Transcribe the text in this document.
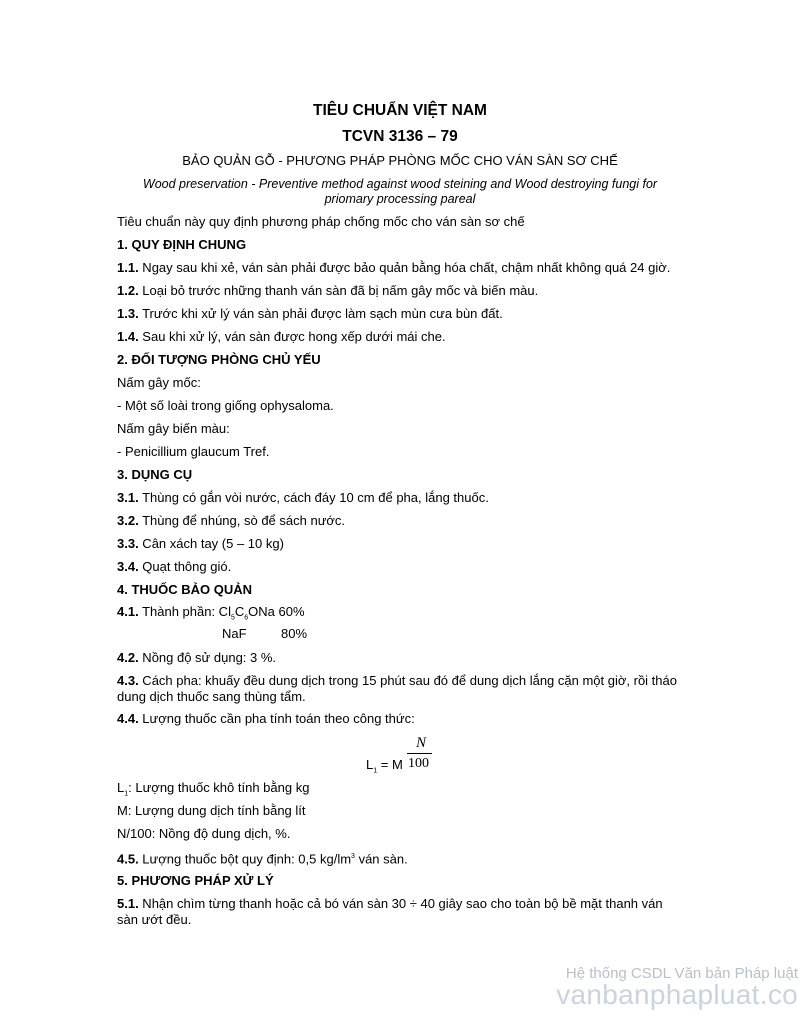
TIÊU CHUẨN VIỆT NAM
TCVN 3136 – 79
BẢO QUẢN GỖ - PHƯƠNG PHÁP PHÒNG MỐC CHO VÁN SÀN SƠ CHẾ
Wood preservation - Preventive method against wood steining and Wood destroying fungi for priomary processing pareal
Tiêu chuẩn này quy định phương pháp chống mốc cho ván sàn sơ chế
1. QUY ĐỊNH CHUNG
1.1. Ngay sau khi xẻ, ván sàn phải được bảo quản bằng hóa chất, chậm nhất không quá 24 giờ.
1.2. Loại bỏ trước những thanh ván sàn đã bị nấm gây mốc và biến màu.
1.3. Trước khi xử lý ván sàn phải được làm sạch mùn cưa bùn đất.
1.4. Sau khi xử lý, ván sàn được hong xếp dưới mái che.
2. ĐỐI TƯỢNG PHÒNG CHỦ YẾU
Nấm gây mốc:
- Một số loài trong giống ophysaloma.
Nấm gây biến màu:
- Penicillium glaucum Tref.
3. DỤNG CỤ
3.1. Thùng có gắn vòi nước, cách đáy 10 cm để pha, lắng thuốc.
3.2. Thùng để nhúng, sò để sách nước.
3.3. Cân xách tay (5 – 10 kg)
3.4. Quạt thông gió.
4. THUỐC BẢO QUẢN
4.1. Thành phần: $Cl_5C_6ONa$ 60%
NaF	80%
4.2. Nồng độ sử dụng: 3 %.
4.3. Cách pha: khuấy đều dung dịch trong 15 phút sau đó để dung dịch lắng cặn một giờ, rồi tháo dung dịch thuốc sang thùng tẩm.
4.4. Lượng thuốc cần pha tính toán theo công thức:
$L_1 = M$
N
100
$L_1$: Lượng thuốc khô tính bằng kg
M: Lượng dung dịch tính bằng lít
N/100: Nồng độ dung dịch, %.
4.5. Lượng thuốc bột quy định: 0,5 $kg/lm^3$ ván sàn.
5. PHƯƠNG PHÁP XỬ LÝ
5.1. Nhận chìm từng thanh hoặc cả bó ván sàn 30 ÷ 40 giây sao cho toàn bộ bề mặt thanh ván sàn ướt đều.
Hệ thống CSDL Văn bản Pháp luật
vanbanphapluat.co
